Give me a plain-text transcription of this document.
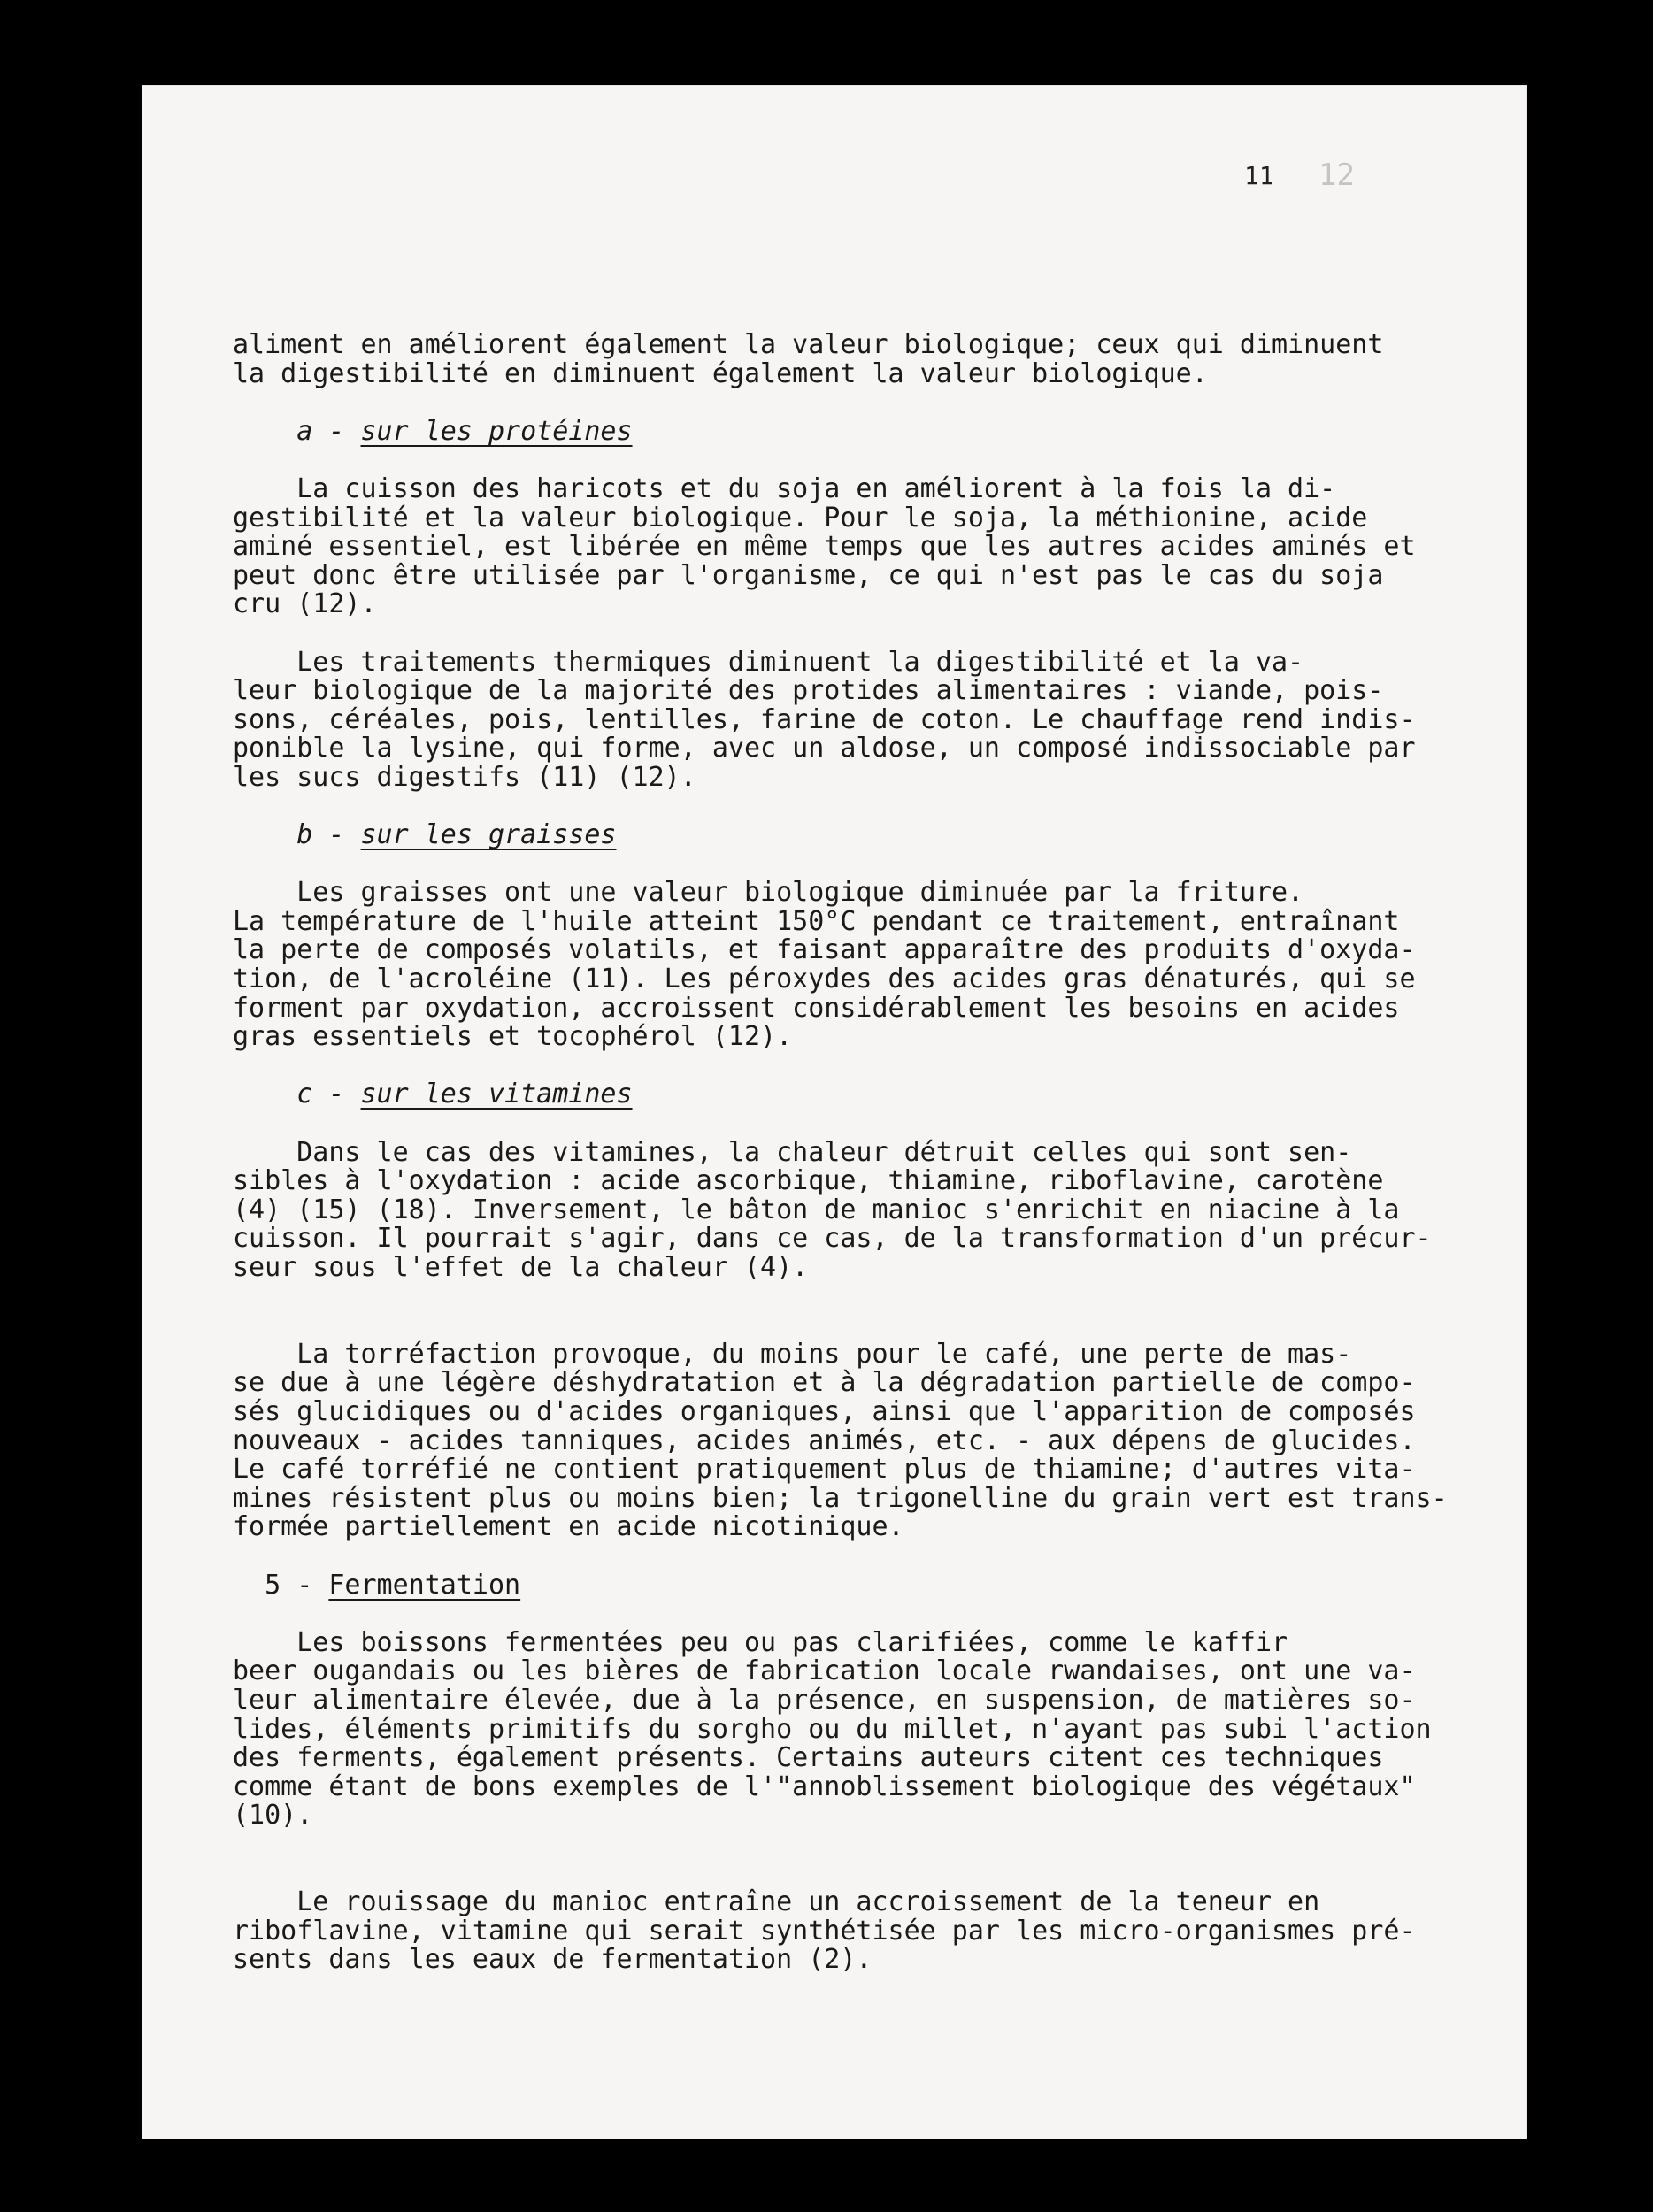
11 12
aliment en améliorent également la valeur biologique; ceux qui diminuent
la digestibilité en diminuent également la valeur biologique.
a - sur les protéines
La cuisson des haricots et du soja en améliorent à la fois la di-
gestibilité et la valeur biologique. Pour le soja, la méthionine, acide
aminé essentiel, est libérée en même temps que les autres acides aminés et
peut donc être utilisée par l'organisme, ce qui n'est pas le cas du soja
cru (12).
Les traitements thermiques diminuent la digestibilité et la va-
leur biologique de la majorité des protides alimentaires : viande, pois-
sons, céréales, pois, lentilles, farine de coton. Le chauffage rend indis-
ponible la lysine, qui forme, avec un aldose, un composé indissociable par
les sucs digestifs (11) (12).
b - sur les graisses
Les graisses ont une valeur biologique diminuée par la friture.
La température de l'huile atteint 150°C pendant ce traitement, entraînant
la perte de composés volatils, et faisant apparaître des produits d'oxyda-
tion, de l'acroléine (11). Les péroxydes des acides gras dénaturés, qui se
forment par oxydation, accroissent considérablement les besoins en acides
gras essentiels et tocophérol (12).
c - sur les vitamines
Dans le cas des vitamines, la chaleur détruit celles qui sont sen-
sibles à l'oxydation : acide ascorbique, thiamine, riboflavine, carotène
(4) (15) (18). Inversement, le bâton de manioc s'enrichit en niacine à la
cuisson. Il pourrait s'agir, dans ce cas, de la transformation d'un précur-
seur sous l'effet de la chaleur (4).
La torréfaction provoque, du moins pour le café, une perte de mas-
se due à une légère déshydratation et à la dégradation partielle de compo-
sés glucidiques ou d'acides organiques, ainsi que l'apparition de composés
nouveaux - acides tanniques, acides animés, etc. - aux dépens de glucides.
Le café torréfié ne contient pratiquement plus de thiamine; d'autres vita-
mines résistent plus ou moins bien; la trigonelline du grain vert est trans-
formée partiellement en acide nicotinique.
5 - Fermentation
Les boissons fermentées peu ou pas clarifiées, comme le kaffir
beer ougandais ou les bières de fabrication locale rwandaises, ont une va-
leur alimentaire élevée, due à la présence, en suspension, de matières so-
lides, éléments primitifs du sorgho ou du millet, n'ayant pas subi l'action
des ferments, également présents. Certains auteurs citent ces techniques
comme étant de bons exemples de l'"annoblissement biologique des végétaux"
(10).
Le rouissage du manioc entraîne un accroissement de la teneur en
riboflavine, vitamine qui serait synthétisée par les micro-organismes pré-
sents dans les eaux de fermentation (2).
